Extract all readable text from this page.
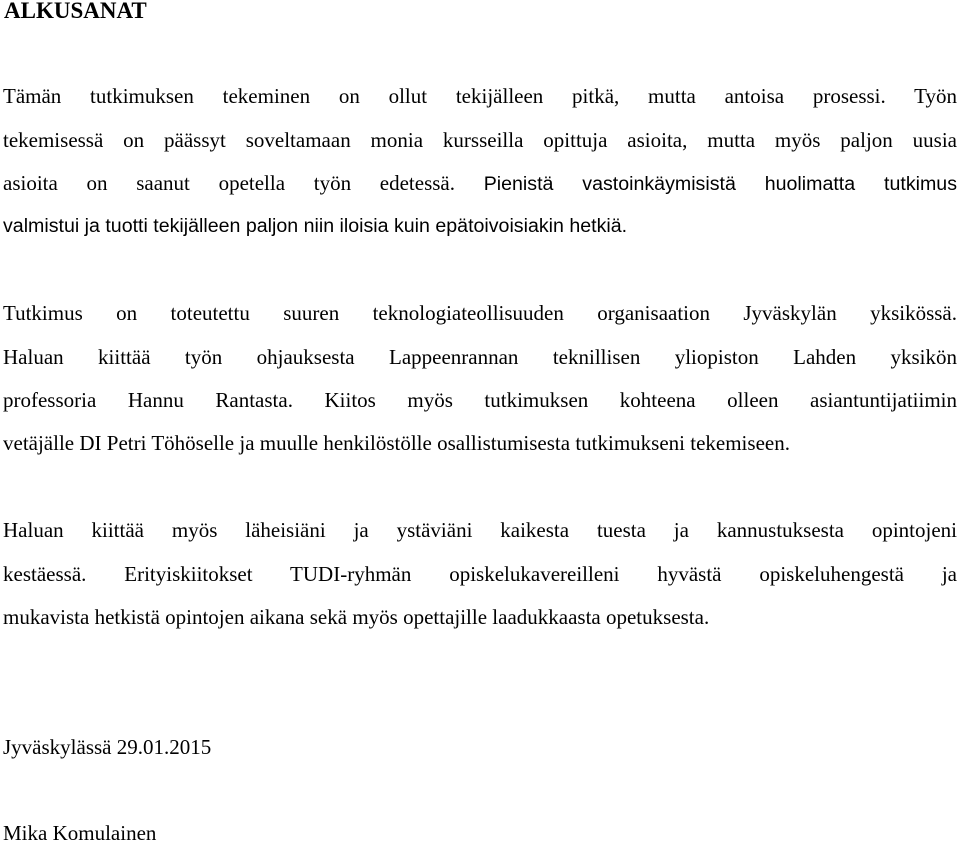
ALKUSANAT

Tämän tutkimuksen tekeminen on ollut tekijälleen pitkä, mutta antoisa prosessi. Työn

tekemisessä on päässyt soveltamaan monia kursseilla opittuja asioita, mutta myös paljon uusia

asioita on saanut opetella työn edetessä. Pienistä vastoinkäymisistä huolimatta tutkimus

valmistui ja tuotti tekijälleen paljon niin iloisia kuin epätoivoisiakin hetkiä.

Tutkimus on toteutettu suuren teknologiateollisuuden organisaation Jyväskylän yksikössä.

Haluan kiittää työn ohjauksesta Lappeenrannan teknillisen yliopiston Lahden yksikön

professoria Hannu Rantasta. Kiitos myös tutkimuksen kohteena olleen asiantuntijatiimin

vetäjälle DI Petri Töhöselle ja muulle henkilöstölle osallistumisesta tutkimukseni tekemiseen.

Haluan kiittää myös läheisiäni ja ystäviäni kaikesta tuesta ja kannustuksesta opintojeni

kestäessä. Erityiskiitokset TUDI-ryhmän opiskelukavereilleni hyvästä opiskeluhengestä ja

mukavista hetkistä opintojen aikana sekä myös opettajille laadukkaasta opetuksesta.

Jyväskylässä 29.01.2015

Mika Komulainen
